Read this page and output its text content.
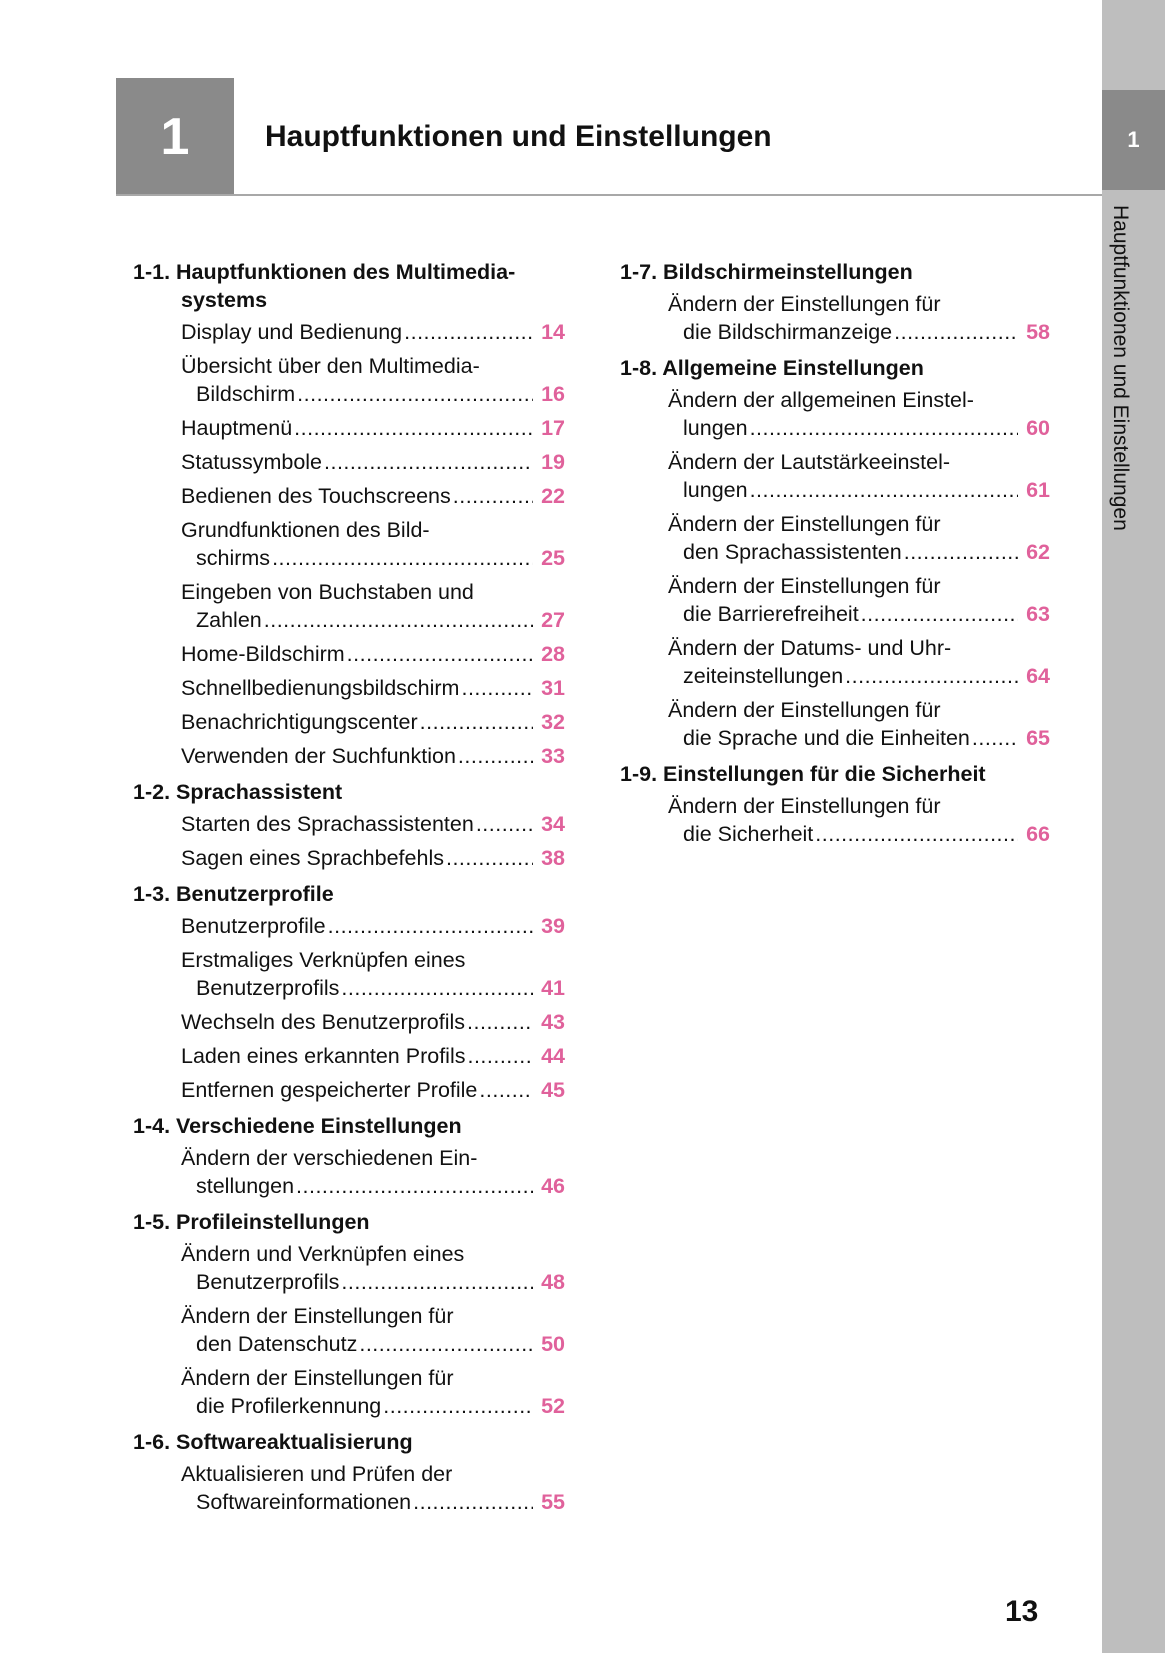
1
Hauptfunktionen und Einstellungen
1	Hauptfunktionen und Einstellungen
1-1. Hauptfunktionen des Multimedia-systems
Display und Bedienung .....	14
Übersicht über den Multimedia-
Bildschirm .....	16
Hauptmenü .....	17
Statussymbole .....	19
Bedienen des Touchscreens .....	22
Grundfunktionen des Bild-
schirms .....	25
Eingeben von Buchstaben und
Zahlen .....	27
Home-Bildschirm .....	28
Schnellbedienungsbildschirm .....	31
Benachrichtigungscenter .....	32
Verwenden der Suchfunktion .....	33
1-2. Sprachassistent
Starten des Sprachassistenten .....	34
Sagen eines Sprachbefehls .....	38
1-3. Benutzerprofile
Benutzerprofile .....	39
Erstmaliges Verknüpfen eines
Benutzerprofils .....	41
Wechseln des Benutzerprofils .....	43
Laden eines erkannten Profils .....	44
Entfernen gespeicherter Profile .....	45
1-4. Verschiedene Einstellungen
Ändern der verschiedenen Ein-
stellungen .....	46
1-5. Profileinstellungen
Ändern und Verknüpfen eines
Benutzerprofils .....	48
Ändern der Einstellungen für
den Datenschutz .....	50
Ändern der Einstellungen für
die Profilerkennung .....	52
1-6. Softwareaktualisierung
Aktualisieren und Prüfen der
Softwareinformationen .....	55
1-7. Bildschirmeinstellungen
Ändern der Einstellungen für
die Bildschirmanzeige .....	58
1-8. Allgemeine Einstellungen
Ändern der allgemeinen Einstel-
lungen .....	60
Ändern der Lautstärkeeinstel-
lungen .....	61
Ändern der Einstellungen für
den Sprachassistenten .....	62
Ändern der Einstellungen für
die Barrierefreiheit .....	63
Ändern der Datums- und Uhr-
zeiteinstellungen .....	64
Ändern der Einstellungen für
die Sprache und die Einheiten .....	65
1-9. Einstellungen für die Sicherheit
Ändern der Einstellungen für
die Sicherheit .....	66
13
